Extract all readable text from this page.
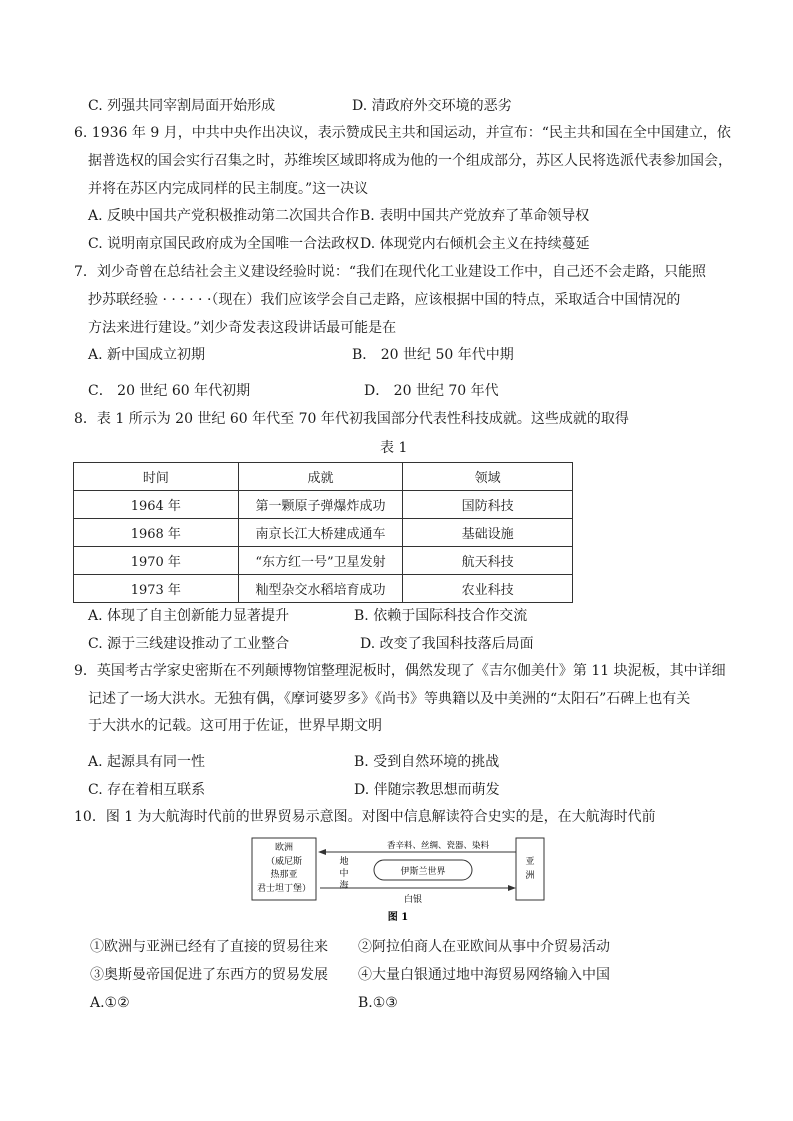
C. 列强共同宰割局面开始形成	D. 清政府外交环境的恶劣
6. 1936 年 9 月，中共中央作出决议，表示赞成民主共和国运动，并宣布：“民主共和国在全中国建立，依
据普选权的国会实行召集之时，苏维埃区域即将成为他的一个组成部分，苏区人民将选派代表参加国会，
并将在苏区内完成同样的民主制度。”这一决议
A. 反映中国共产党积极推动第二次国共合作 B. 表明中国共产党放弃了革命领导权
C. 说明南京国民政府成为全国唯一合法政权 D. 体现党内右倾机会主义在持续蔓延
7．刘少奇曾在总结社会主义建设经验时说：“我们在现代化工业建设工作中，自己还不会走路，只能照
抄苏联经验 · · · · · ·（现在）我们应该学会自己走路，应该根据中国的特点，采取适合中国情况的
方法来进行建设。”刘少奇发表这段讲话最可能是在
A. 新中国成立初期	B． 20 世纪 50 年代中期
C． 20 世纪 60 年代初期	D． 20 世纪 70 年代
8．表 1 所示为 20 世纪 60 年代至 70 年代初我国部分代表性科技成就。这些成就的取得
表 1
时间	成就	领域
1964 年	第一颗原子弹爆炸成功	国防科技
1968 年	南京长江大桥建成通车	基础设施
1970 年	“东方红一号”卫星发射	航天科技
1973 年	籼型杂交水稻培育成功	农业科技
A. 体现了自主创新能力显著提升	B. 依赖于国际科技合作交流
C. 源于三线建设推动了工业整合	D. 改变了我国科技落后局面
9．英国考古学家史密斯在不列颠博物馆整理泥板时，偶然发现了《吉尔伽美什》第 11 块泥板，其中详细
记述了一场大洪水。无独有偶，《摩诃婆罗多》《尚书》等典籍以及中美洲的“太阳石”石碑上也有关
于大洪水的记载。这可用于佐证，世界早期文明
A. 起源具有同一性	B. 受到自然环境的挑战
C. 存在着相互联系	D. 伴随宗教思想而萌发
10．图 1 为大航海时代前的世界贸易示意图。对图中信息解读符合史实的是，在大航海时代前
欧洲
（威尼斯
热那亚
君士坦丁堡）
亚
洲
香辛料、丝绸、瓷器、染料
地
中
海
伊斯兰世界
白银
图 1
①欧洲与亚洲已经有了直接的贸易往来 ②阿拉伯商人在亚欧间从事中介贸易活动
③奥斯曼帝国促进了东西方的贸易发展 ④大量白银通过地中海贸易网络输入中国
A.①②	B.①③
